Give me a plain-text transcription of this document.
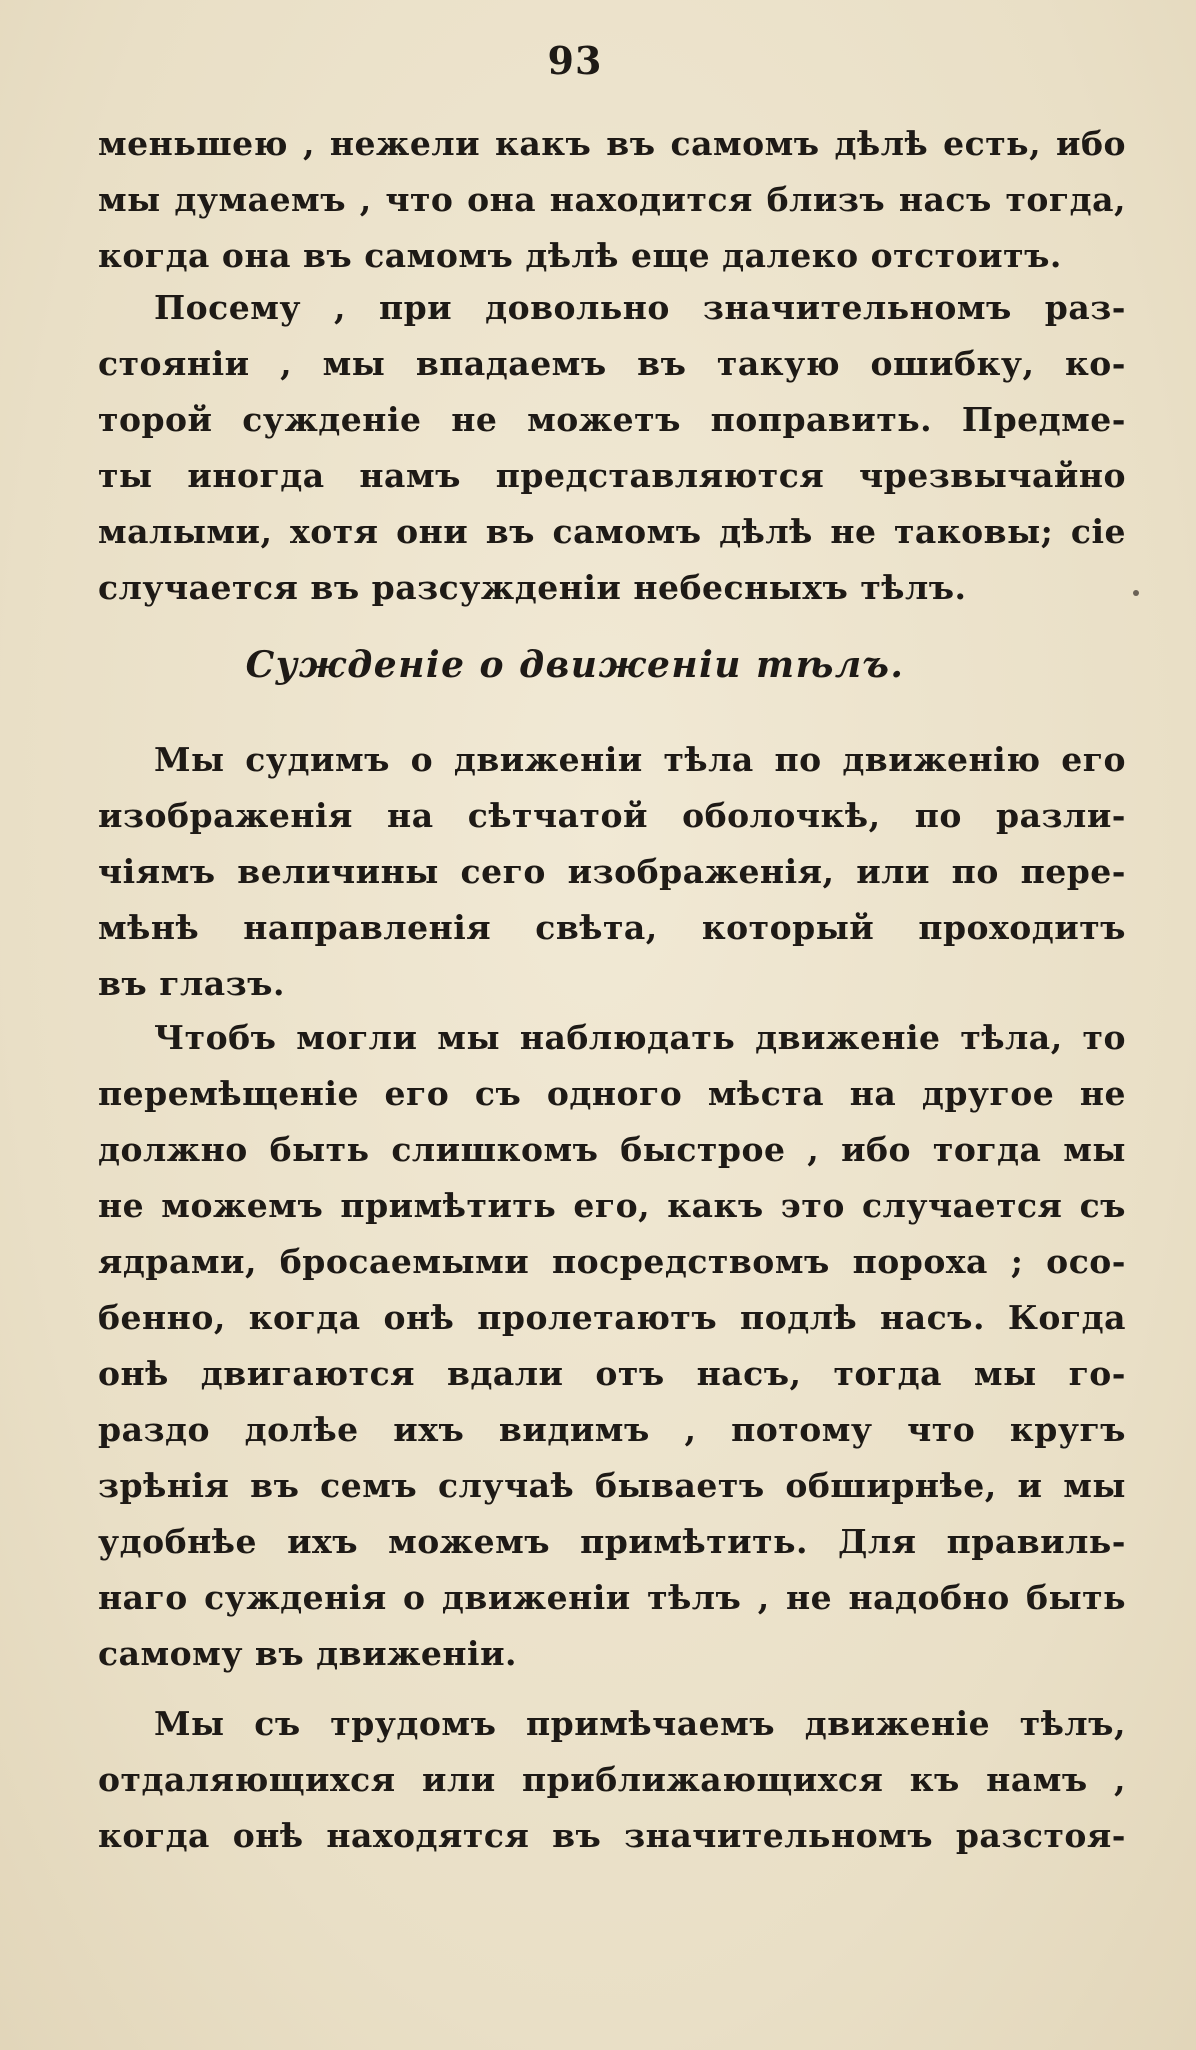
93
меньшею , нежели какъ въ самомъ дѣлѣ есть, ибо
мы думаемъ , что она находится близъ насъ тогда,
когда она въ самомъ дѣлѣ еще далеко отстоитъ.
Посему , при довольно значительномъ раз-
стояніи , мы впадаемъ въ такую ошибку, ко-
торой сужденіе не можетъ поправить. Предме-
ты иногда намъ представляются чрезвычайно
малыми, хотя они въ самомъ дѣлѣ не таковы; сіе
случается въ разсужденіи небесныхъ тѣлъ.
Сужденіе о движеніи тѣлъ.
Мы судимъ о движеніи тѣла по движенію его
изображенія на сѣтчатой оболочкѣ, по разли-
чіямъ величины сего изображенія, или по пере-
мѣнѣ направленія свѣта, который проходитъ
въ глазъ.
Чтобъ могли мы наблюдать движеніе тѣла, то
перемѣщеніе его съ одного мѣста на другое не
должно быть слишкомъ быстрое , ибо тогда мы
не можемъ примѣтить его, какъ это случается съ
ядрами, бросаемыми посредствомъ пороха ; осо-
бенно, когда онѣ пролетаютъ подлѣ насъ. Когда
онѣ двигаются вдали отъ насъ, тогда мы го-
раздо долѣе ихъ видимъ , потому что кругъ
зрѣнія въ семъ случаѣ бываетъ обширнѣе, и мы
удобнѣе ихъ можемъ примѣтить. Для правиль-
наго сужденія о движеніи тѣлъ , не надобно быть
самому въ движеніи.
Мы съ трудомъ примѣчаемъ движеніе тѣлъ,
отдаляющихся или приближающихся къ намъ ,
когда онѣ находятся въ значительномъ разстоя-
